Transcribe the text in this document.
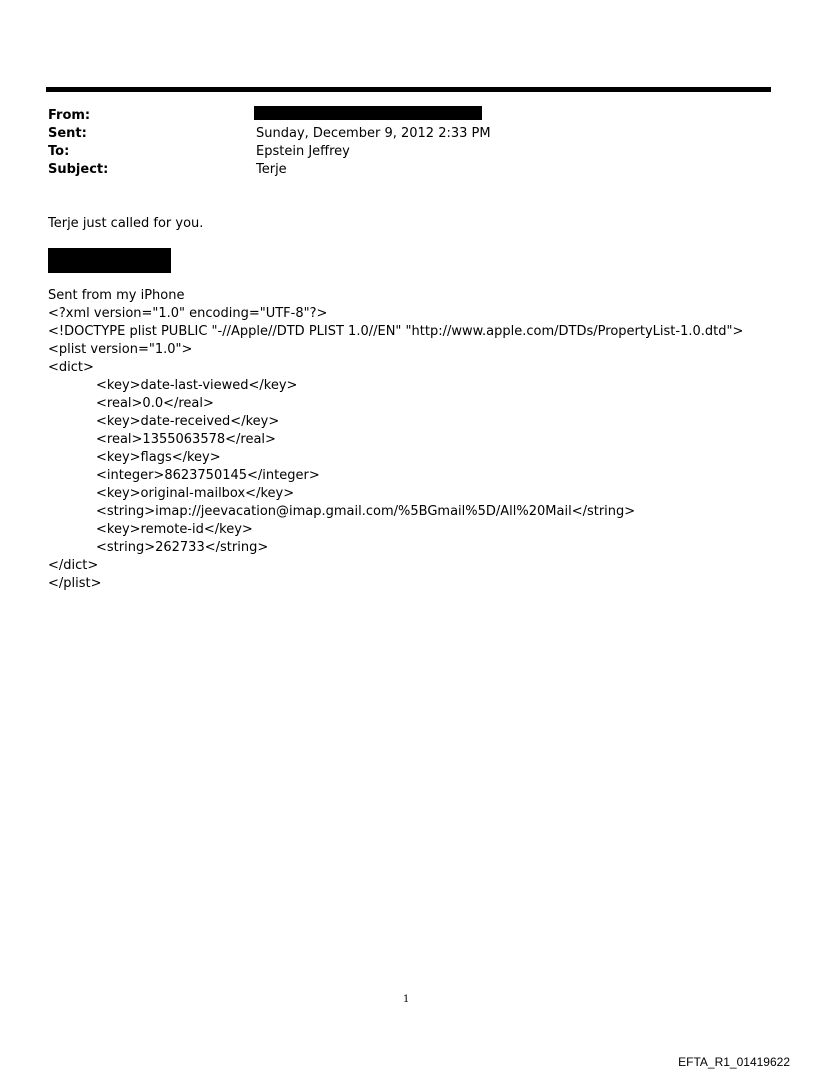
From:
Sent:	Sunday, December 9, 2012 2:33 PM
To:	Epstein Jeffrey
Subject:	Terje
Terje just called for you.
Sent from my iPhone
<?xml version="1.0" encoding="UTF-8"?>
<!DOCTYPE plist PUBLIC "-//Apple//DTD PLIST 1.0//EN" "http://www.apple.com/DTDs/PropertyList-1.0.dtd">
<plist version="1.0">
<dict>
<key>date-last-viewed</key>
<real>0.0</real>
<key>date-received</key>
<real>1355063578</real>
<key>flags</key>
<integer>8623750145</integer>
<key>original-mailbox</key>
<string>imap://jeevacation@imap.gmail.com/%5BGmail%5D/All%20Mail</string>
<key>remote-id</key>
<string>262733</string>
</dict>
</plist>
1
EFTA_R1_01419622
